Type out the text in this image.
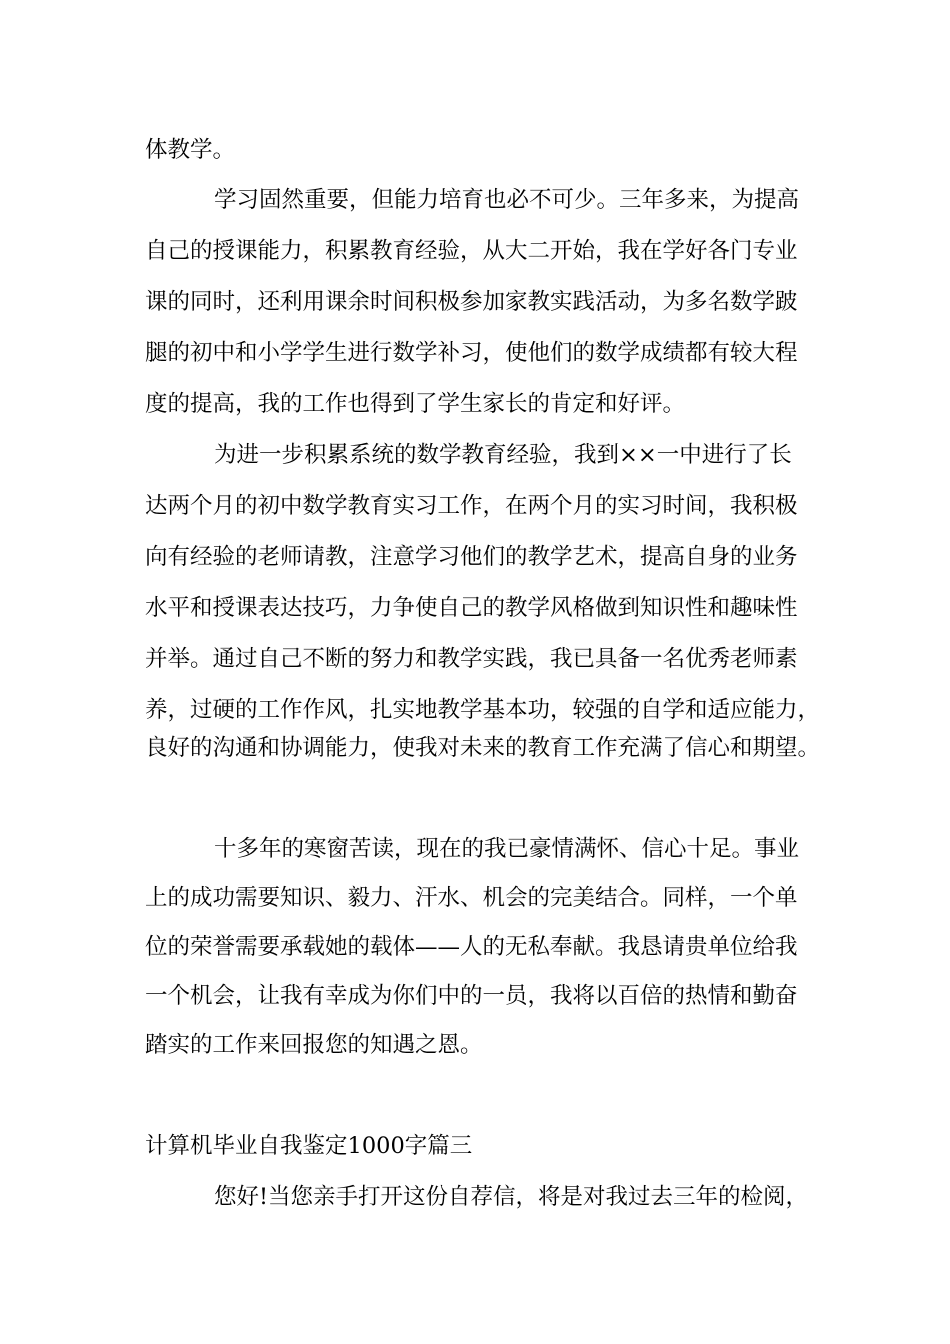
体教学。
学习固然重要，但能力培育也必不可少。三年多来，为提高
自己的授课能力，积累教育经验，从大二开始，我在学好各门专业
课的同时，还利用课余时间积极参加家教实践活动，为多名数学跛
腿的初中和小学学生进行数学补习，使他们的数学成绩都有较大程
度的提高，我的工作也得到了学生家长的肯定和好评。
为进一步积累系统的数学教育经验，我到××一中进行了长
达两个月的初中数学教育实习工作，在两个月的实习时间，我积极
向有经验的老师请教，注意学习他们的教学艺术，提高自身的业务
水平和授课表达技巧，力争使自己的教学风格做到知识性和趣味性
并举。通过自己不断的努力和教学实践，我已具备一名优秀老师素
养，过硬的工作作风，扎实地教学基本功，较强的自学和适应能力，
良好的沟通和协调能力，使我对未来的教育工作充满了信心和期望。
十多年的寒窗苦读，现在的我已豪情满怀、信心十足。事业
上的成功需要知识、毅力、汗水、机会的完美结合。同样，一个单
位的荣誉需要承载她的载体——人的无私奉献。我恳请贵单位给我
一个机会，让我有幸成为你们中的一员，我将以百倍的热情和勤奋
踏实的工作来回报您的知遇之恩。
计算机毕业自我鉴定1000字篇三
您好!当您亲手打开这份自荐信，将是对我过去三年的检阅，
